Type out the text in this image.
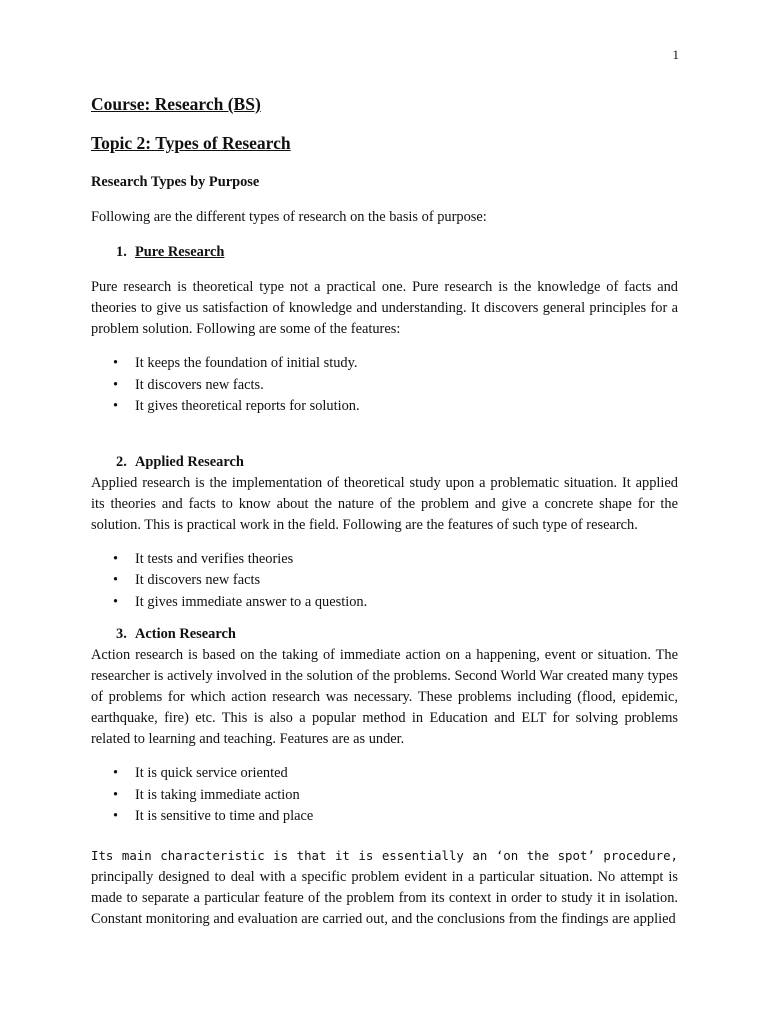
1
Course: Research (BS)
Topic 2: Types of Research
Research Types by Purpose

Following are the different types of research on the basis of purpose:

1. Pure Research

Pure research is theoretical type not a practical one. Pure research is the knowledge of facts and theories to give us satisfaction of knowledge and understanding. It discovers general principles for a problem solution. Following are some of the features:

• It keeps the foundation of initial study.
• It discovers new facts.
• It gives theoretical reports for solution.
2. Applied Research

Applied research is the implementation of theoretical study upon a problematic situation. It applied its theories and facts to know about the nature of the problem and give a concrete shape for the solution. This is practical work in the field. Following are the features of such type of research.

• It tests and verifies theories
• It discovers new facts
• It gives immediate answer to a question.
3. Action Research

Action research is based on the taking of immediate action on a happening, event or situation. The researcher is actively involved in the solution of the problems. Second World War created many types of problems for which action research was necessary. These problems including (flood, epidemic, earthquake, fire) etc. This is also a popular method in Education and ELT for solving problems related to learning and teaching. Features are as under.

• It is quick service oriented
• It is taking immediate action
• It is sensitive to time and place

Its main characteristic is that it is essentially an ‘on the spot’ procedure, principally designed to deal with a specific problem evident in a particular situation. No attempt is made to separate a particular feature of the problem from its context in order to study it in isolation. Constant monitoring and evaluation are carried out, and the conclusions from the findings are applied
